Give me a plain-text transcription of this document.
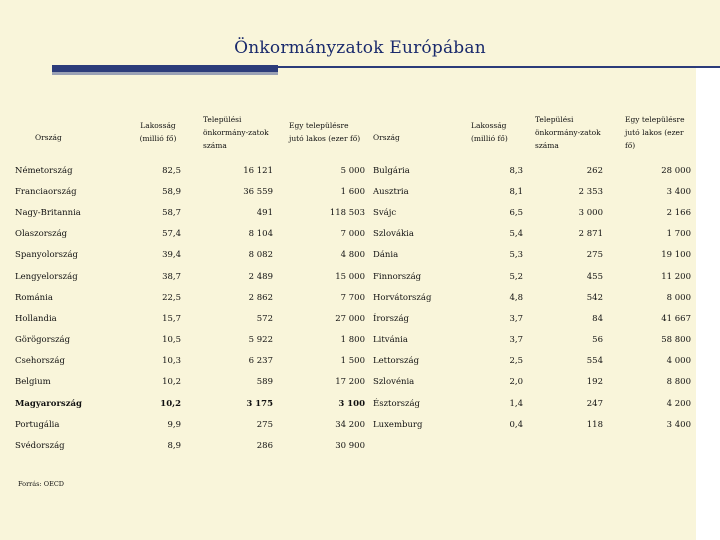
Önkormányzatok Európában
Ország	Lakosság (millió fő)	Települési önkormány-zatok száma	Egy településre jutó lakos (ezer fő)	Ország	Lakosság (millió fő)	Települési önkormány-zatok száma	Egy településre jutó lakos (ezer fő)
Németország	82,5	16 121	5 000	Bulgária	8,3	262	28 000
Franciaország	58,9	36 559	1 600	Ausztria	8,1	2 353	3 400
Nagy-Britannia	58,7	491	118 503	Svájc	6,5	3 000	2 166
Olaszország	57,4	8 104	7 000	Szlovákia	5,4	2 871	1 700
Spanyolország	39,4	8 082	4 800	Dánia	5,3	275	19 100
Lengyelország	38,7	2 489	15 000	Finnország	5,2	455	11 200
Románia	22,5	2 862	7 700	Horvátország	4,8	542	8 000
Hollandia	15,7	572	27 000	Írország	3,7	84	41 667
Görögország	10,5	5 922	1 800	Litvánia	3,7	56	58 800
Csehország	10,3	6 237	1 500	Lettország	2,5	554	4 000
Belgium	10,2	589	17 200	Szlovénia	2,0	192	8 800
Magyarország	10,2	3 175	3 100	Észtország	1,4	247	4 200
Portugália	9,9	275	34 200	Luxemburg	0,4	118	3 400
Svédország	8,9	286	30 900				
Forrás: OECD
